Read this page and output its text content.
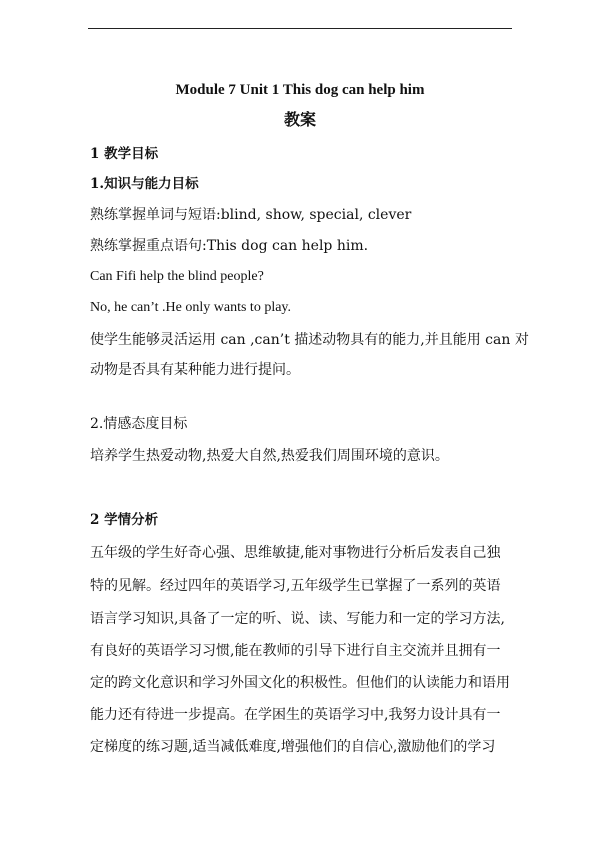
Module 7 Unit 1 This dog can help him
教案
1 教学目标
1.知识与能力目标
熟练掌握单词与短语:blind, show, special, clever
熟练掌握重点语句:This dog can help him.
Can Fifi help the blind people?
No, he can’t .He only wants to play.
使学生能够灵活运用 can ,can’t 描述动物具有的能力,并且能用 can 对
动物是否具有某种能力进行提问。
2.情感态度目标
培养学生热爱动物,热爱大自然,热爱我们周围环境的意识。
2 学情分析
五年级的学生好奇心强、思维敏捷,能对事物进行分析后发表自己独
特的见解。经过四年的英语学习,五年级学生已掌握了一系列的英语
语言学习知识,具备了一定的听、说、读、写能力和一定的学习方法,
有良好的英语学习习惯,能在教师的引导下进行自主交流并且拥有一
定的跨文化意识和学习外国文化的积极性。但他们的认读能力和语用
能力还有待进一步提高。在学困生的英语学习中,我努力设计具有一
定梯度的练习题,适当减低难度,增强他们的自信心,激励他们的学习
